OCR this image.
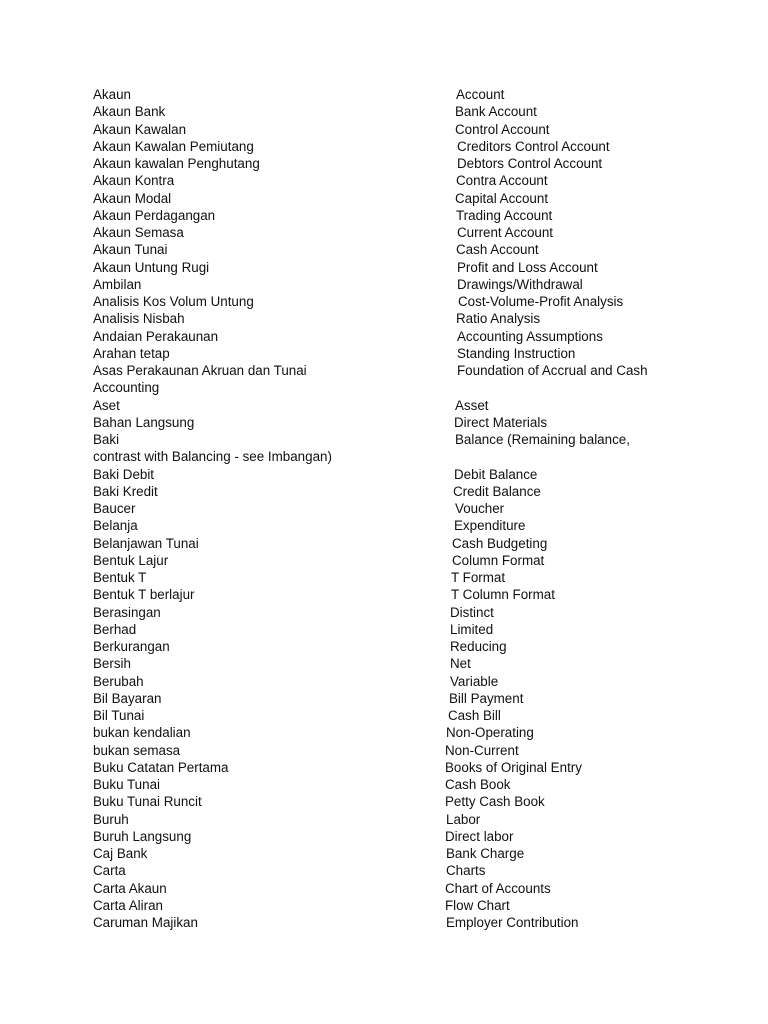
Akaun	Account
Akaun Bank	Bank Account
Akaun Kawalan	Control Account
Akaun Kawalan Pemiutang	Creditors Control Account
Akaun kawalan Penghutang	Debtors Control Account
Akaun Kontra	Contra Account
Akaun Modal	Capital Account
Akaun Perdagangan	Trading Account
Akaun Semasa	Current Account
Akaun Tunai	Cash Account
Akaun Untung Rugi	Profit and Loss Account
Ambilan	Drawings/Withdrawal
Analisis Kos Volum Untung	Cost-Volume-Profit Analysis
Analisis Nisbah	Ratio Analysis
Andaian Perakaunan	Accounting Assumptions
Arahan tetap	Standing Instruction
Asas Perakaunan Akruan dan Tunai	Foundation of Accrual and Cash
Accounting
Aset	Asset
Bahan Langsung	Direct Materials
Baki	Balance (Remaining balance,
contrast with Balancing - see Imbangan)
Baki Debit	Debit Balance
Baki Kredit	Credit Balance
Baucer	Voucher
Belanja	Expenditure
Belanjawan Tunai	Cash Budgeting
Bentuk Lajur	Column Format
Bentuk T	T Format
Bentuk T berlajur	T Column Format
Berasingan	Distinct
Berhad	Limited
Berkurangan	Reducing
Bersih	Net
Berubah	Variable
Bil Bayaran	Bill Payment
Bil Tunai	Cash Bill
bukan kendalian	Non-Operating
bukan semasa	Non-Current
Buku Catatan Pertama	Books of Original Entry
Buku Tunai	Cash Book
Buku Tunai Runcit	Petty Cash Book
Buruh	Labor
Buruh Langsung	Direct labor
Caj Bank	Bank Charge
Carta	Charts
Carta Akaun	Chart of Accounts
Carta Aliran	Flow Chart
Caruman Majikan	Employer Contribution
